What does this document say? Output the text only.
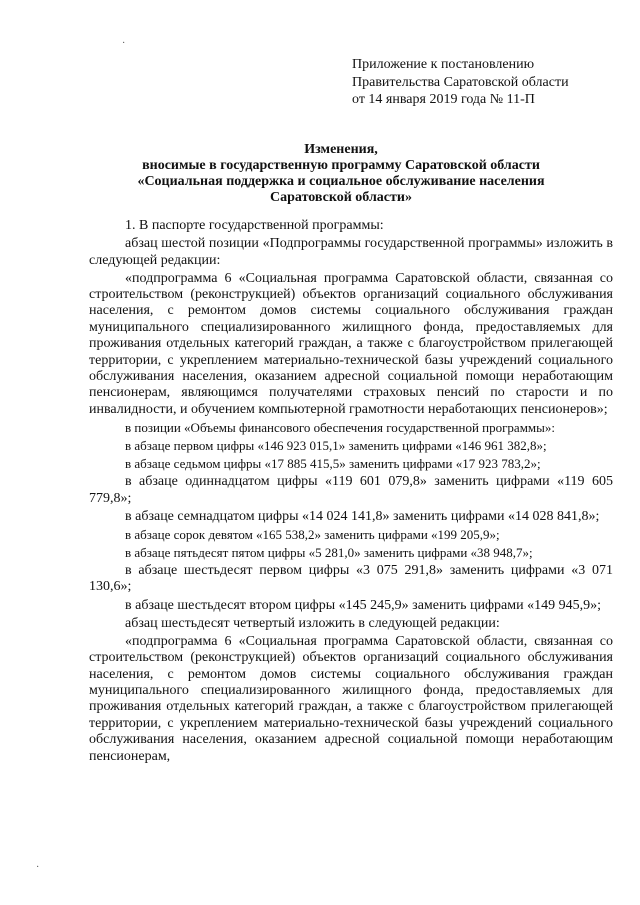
Приложение к постановлению
Правительства Саратовской области
от 14 января 2019 года № 11-П
Изменения,
вносимые в государственную программу Саратовской области
«Социальная поддержка и социальное обслуживание населения
Саратовской области»

1. В паспорте государственной программы:

абзац шестой позиции «Подпрограммы государственной программы» изложить в следующей редакции:

«подпрограмма 6 «Социальная программа Саратовской области, связанная со строительством (реконструкцией) объектов организаций социального обслуживания населения, с ремонтом домов системы социального обслуживания граждан муниципального специализированного жилищного фонда, предоставляемых для проживания отдельных категорий граждан, а также с благоустройством прилегающей территории, с укреплением материально-технической базы учреждений социального обслуживания населения, оказанием адресной социальной помощи неработающим пенсионерам, являющимся получателями страховых пенсий по старости и по инвалидности, и обучением компьютерной грамотности неработающих пенсионеров»;

в позиции «Объемы финансового обеспечения государственной программы»:

в абзаце первом цифры «146 923 015,1» заменить цифрами «146 961 382,8»;

в абзаце седьмом цифры «17 885 415,5» заменить цифрами «17 923 783,2»;

в абзаце одиннадцатом цифры «119 601 079,8» заменить цифрами «119 605 779,8»;

в абзаце семнадцатом цифры «14 024 141,8» заменить цифрами «14 028 841,8»;

в абзаце сорок девятом «165 538,2» заменить цифрами «199 205,9»;

в абзаце пятьдесят пятом цифры «5 281,0» заменить цифрами «38 948,7»;

в абзаце шестьдесят первом цифры «3 075 291,8» заменить цифрами «3 071 130,6»;

в абзаце шестьдесят втором цифры «145 245,9» заменить цифрами «149 945,9»;

абзац шестьдесят четвертый изложить в следующей редакции:

«подпрограмма 6 «Социальная программа Саратовской области, связанная со строительством (реконструкцией) объектов организаций социального обслуживания населения, с ремонтом домов системы социального обслуживания граждан муниципального специализированного жилищного фонда, предоставляемых для проживания отдельных категорий граждан, а также с благоустройством прилегающей территории, с укреплением материально-технической базы учреждений социального обслуживания населения, оказанием адресной социальной помощи неработающим пенсионерам,

·
·
